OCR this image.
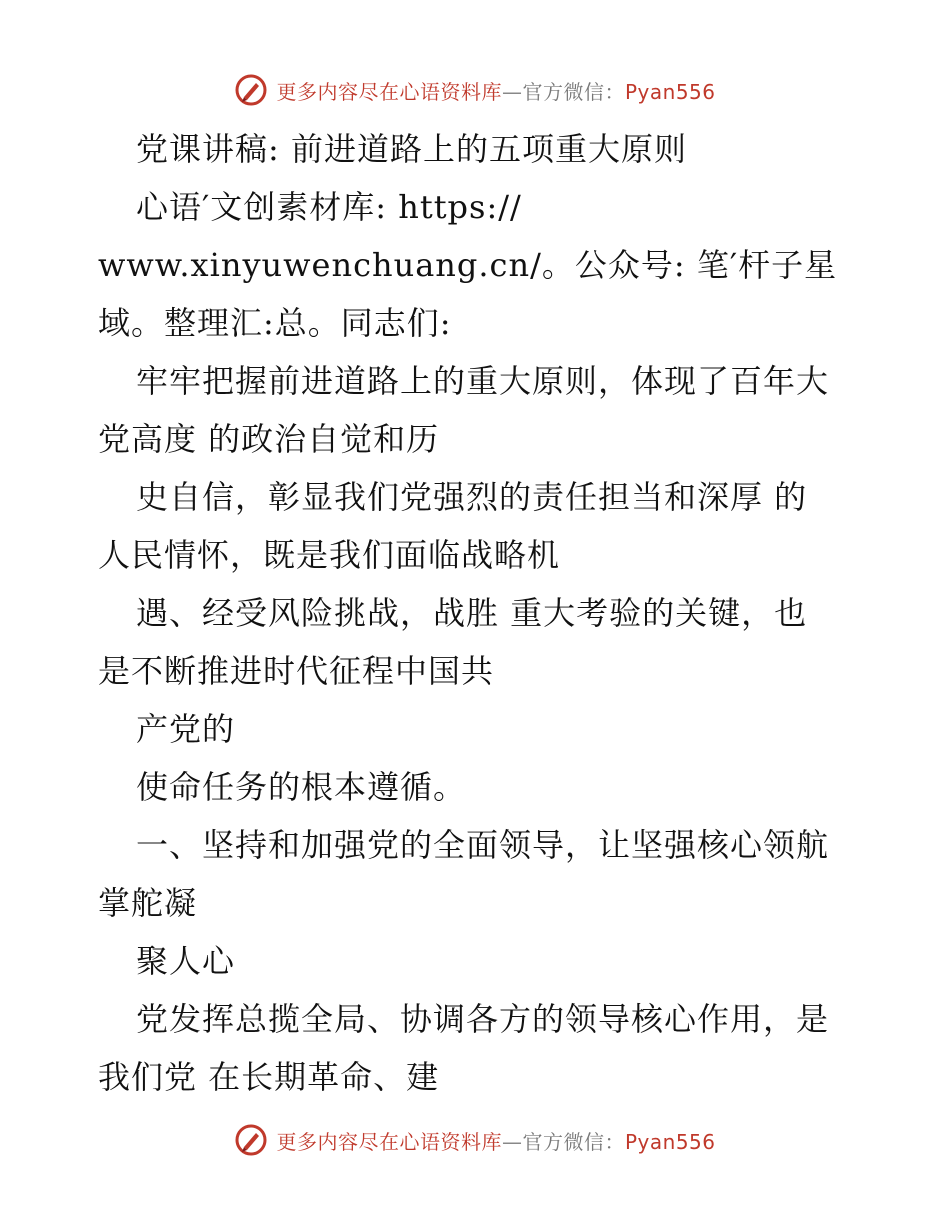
更多内容尽在心语资料库—官方微信：Pyan556
党课讲稿: 前进道路上的五项重大原则
心语′文创素材库: https://
www.xinyuwenchuang.cn/。公众号: 笔′杆子星
域。整理汇:总。同志们:
牢牢把握前进道路上的重大原则，体现了百年大
党高度 的政治自觉和历
史自信，彰显我们党强烈的责任担当和深厚 的
人民情怀，既是我们面临战略机
遇、经受风险挑战，战胜 重大考验的关键，也
是不断推进时代征程中国共
产党的
使命任务的根本遵循。
一、坚持和加强党的全面领导，让坚强核心领航
掌舵凝
聚人心
党发挥总揽全局、协调各方的领导核心作用，是
我们党 在长期革命、建
更多内容尽在心语资料库—官方微信：Pyan556
